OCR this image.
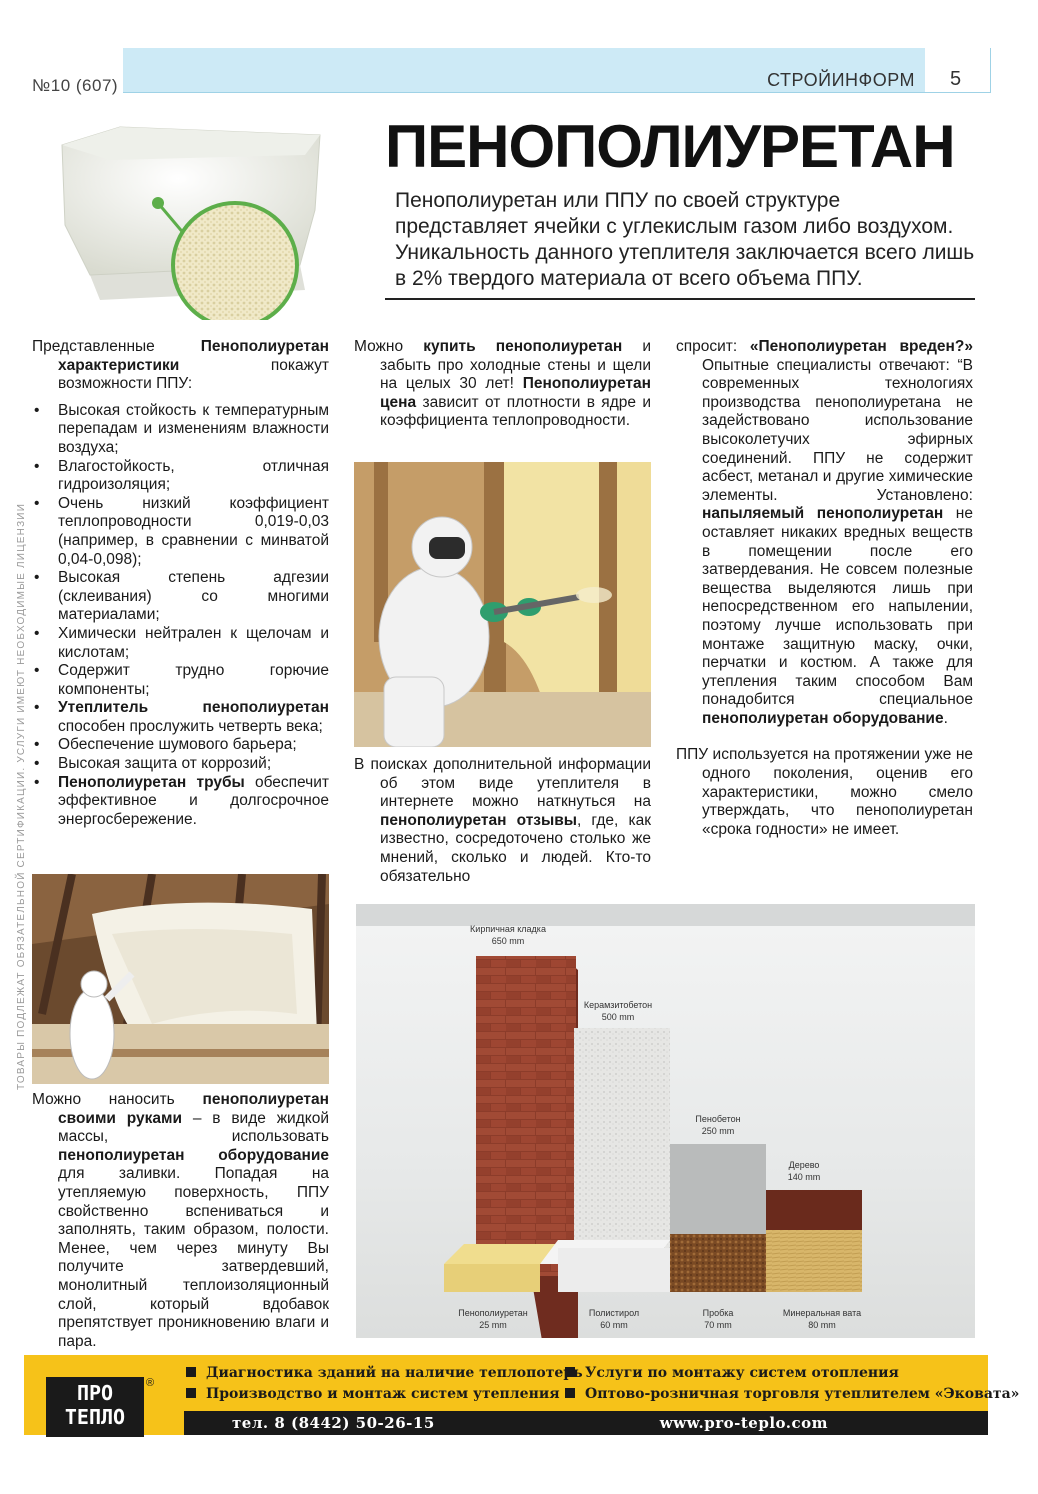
№10 (607)	СТРОЙИНФОРМ	5
ПЕНОПОЛИУРЕТАН
Пенополиуретан или ППУ по своей структуре представляет ячейки с углекислым газом либо воздухом. Уникальность данного утеплителя заключается всего лишь в 2% твердого материала от всего объема ППУ.
ТОВАРЫ ПОДЛЕЖАТ ОБЯЗАТЕЛЬНОЙ СЕРТИФИКАЦИИ. УСЛУГИ ИМЕЮТ НЕОБХОДИМЫЕ ЛИЦЕНЗИИ

Представленные Пенополиуретан характеристики покажут возможности ППУ:

• Высокая стойкость к температурным перепадам и изменениям влажности воздуха;
• Влагостойкость, отличная гидроизоляция;
• Очень низкий коэффициент теплопроводности 0,019-0,03 (например, в сравнении с минватой 0,04-0,098);
• Высокая степень адгезии (склеивания) со многими материалами;
• Химически нейтрален к щелочам и кислотам;
• Содержит трудно горючие компоненты;
• Утеплитель пенополиуретан способен прослужить четверть века;
• Обеспечение шумового барьера;
• Высокая защита от коррозий;
• Пенополиуретан трубы обеспечит эффективное и долгосрочное энергосбережение.

Можно наносить пенополиуретан своими руками – в виде жидкой массы, использовать пенополиуретан оборудование для заливки. Попадая на утепляемую поверхность, ППУ свойственно вспениваться и заполнять, таким образом, полости. Менее, чем через минуту Вы получите затвердевший, монолитный теплоизоляционный слой, который вдобавок препятствует проникновению влаги и пара.

Можно купить пенополиуретан и забыть про холодные стены и щели на целых 30 лет! Пенополиуретан цена зависит от плотности в ядре и коэффициента теплопроводности.

В поисках дополнительной информации об этом виде утеплителя в интернете можно наткнуться на пенополиуретан отзывы, где, как известно, сосредоточено столько же мнений, сколько и людей. Кто-то обязательно

спросит: «Пенополиуретан вреден?» Опытные специалисты отвечают: “В современных технологиях производства пенополиуретана не задействовано использование высоколетучих эфирных соединений. ППУ не содержит асбест, метанал и другие химические элементы. Установлено: напыляемый пенополиуретан не оставляет никаких вредных веществ в помещении после его затвердевания. Не совсем полезные вещества выделяются лишь при непосредственном его напылении, поэтому лучше использовать при монтаже защитную маску, очки, перчатки и костюм. А также для утепления таким способом Вам понадобится специальное пенополиуретан оборудование.

ППУ используется на протяжении уже не одного поколения, оценив его характеристики, можно смело утверждать, что пенополиуретан «срока годности» не имеет.

Кирпичная кладка
650 mm
Керамзитобетон
500 mm
Пенобетон
250 mm
Дерево
140 mm
Пенополиуретан
25 mm
Полистирол
60 mm
Пробка
70 mm
Минеральная вата
80 mm
ПРО
ТЕПЛО
®
Диагностика зданий на наличие теплопотерь Услуги по монтажу систем отопления
Производство и монтаж систем утепления	Оптово-розничная торговля утеплителем «Эковата»
тел. 8 (8442) 50-26-15	www.pro-teplo.com
